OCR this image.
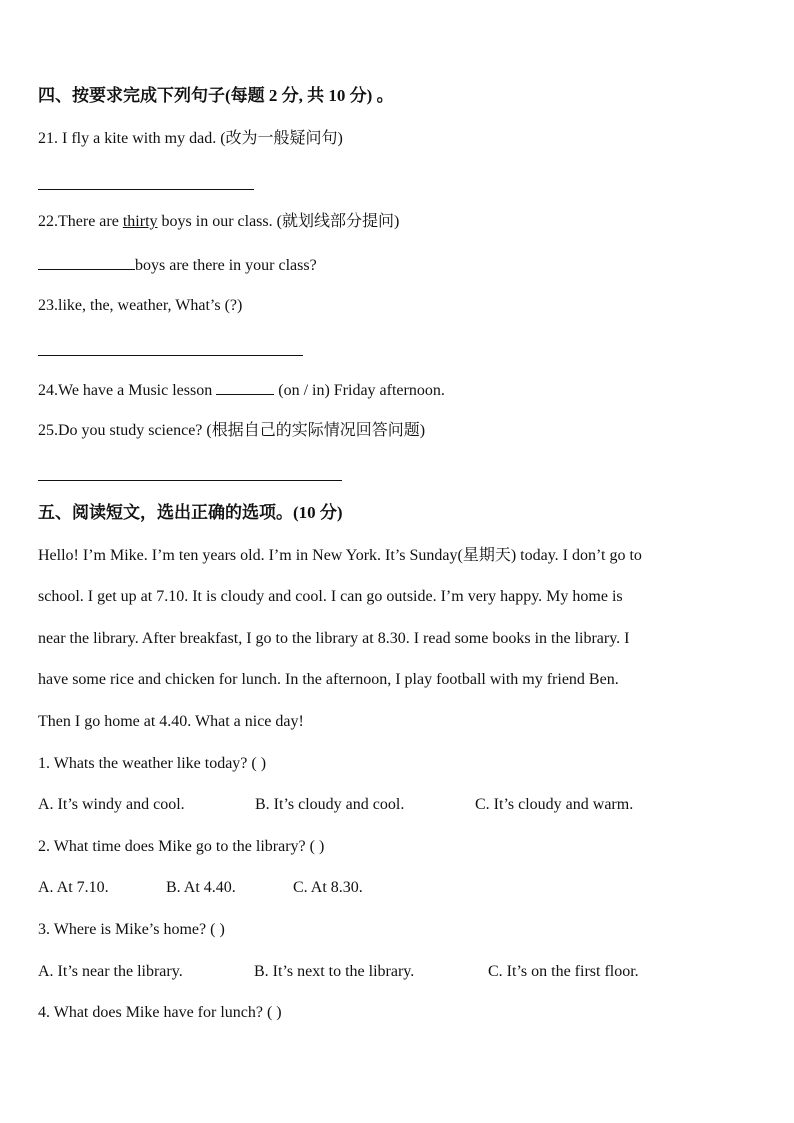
四、按要求完成下列句子(每题 2 分, 共 10 分) 。
21. I fly a kite with my dad. (改为一般疑问句)
22.There are thirty boys in our class. (就划线部分提问)
boys are there in your class?
23.like, the, weather, What’s (?)
24.We have a Music lesson	(on / in) Friday afternoon.
25.Do you study science? (根据自己的实际情况回答问题)
五、阅读短文，选出正确的选项。(10 分)
Hello! I’m Mike. I’m ten years old. I’m in New York. It’s Sunday(星期天) today. I don’t go to
school. I get up at 7.10. It is cloudy and cool. I can go outside. I’m very happy. My home is
near the library. After breakfast, I go to the library at 8.30. I read some books in the library. I
have some rice and chicken for lunch. In the afternoon, I play football with my friend Ben.
Then I go home at 4.40. What a nice day!
1. Whats the weather like today? ( )
A. It’s windy and cool.	B. It’s cloudy and cool.	C. It’s cloudy and warm.
2. What time does Mike go to the library? ( )
A. At 7.10.	B. At 4.40.	C. At 8.30.
3. Where is Mike’s home? ( )
A. It’s near the library.	B. It’s next to the library.	C. It’s on the first floor.
4. What does Mike have for lunch? ( )
